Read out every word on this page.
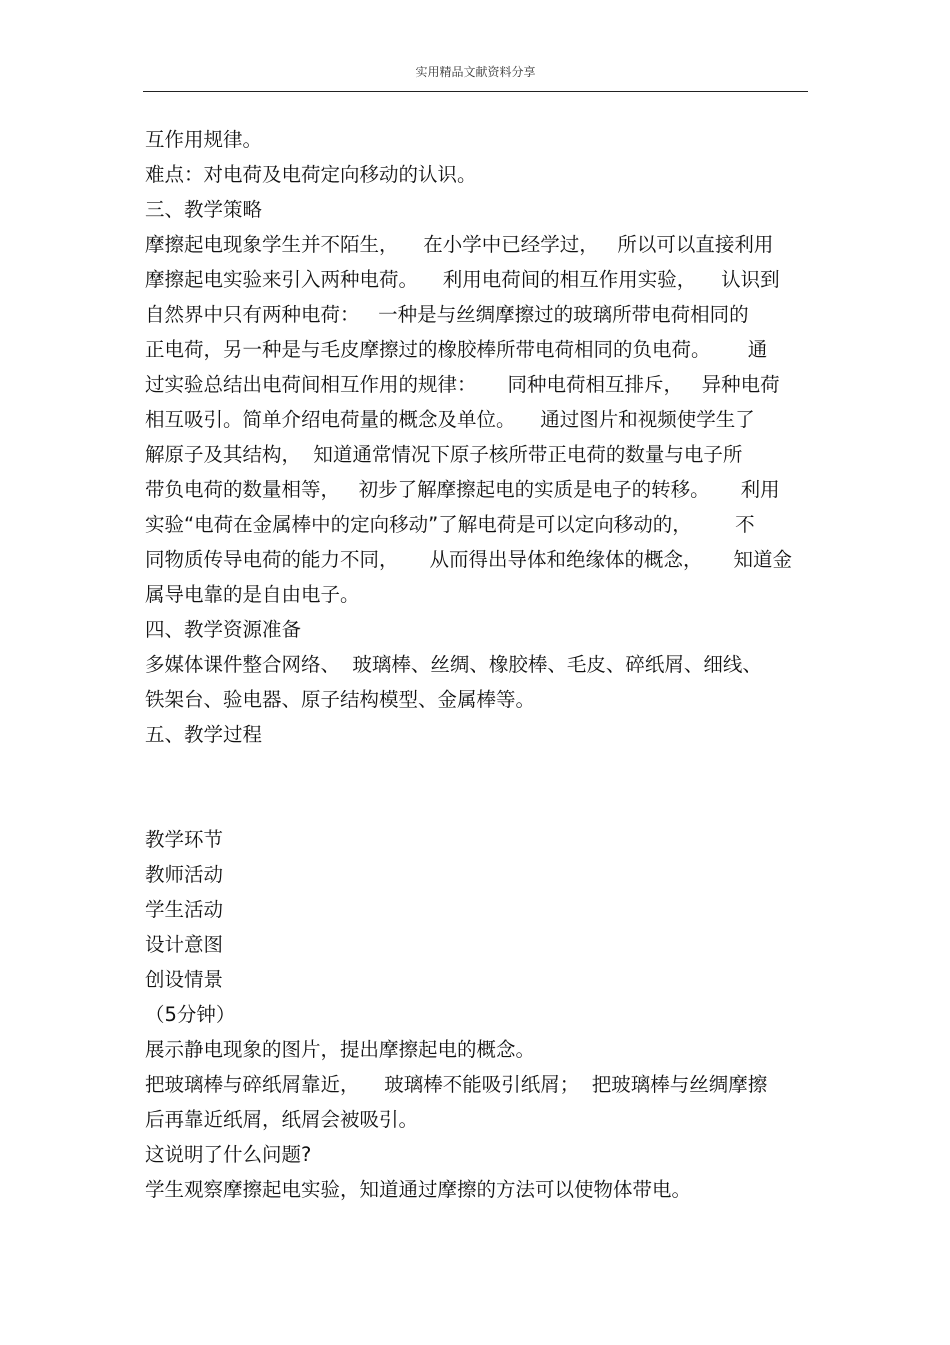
实用精品文献资料分享
互作用规律。
难点：对电荷及电荷定向移动的认识。
三、教学策略
摩擦起电现象学生并不陌生，    在小学中已经学过，   所以可以直接利用
摩擦起电实验来引入两种电荷。    利用电荷间的相互作用实验，    认识到
自然界中只有两种电荷：   一种是与丝绸摩擦过的玻璃所带电荷相同的
正电荷，另一种是与毛皮摩擦过的橡胶棒所带电荷相同的负电荷。      通
过实验总结出电荷间相互作用的规律：     同种电荷相互排斥，   异种电荷
相互吸引。简单介绍电荷量的概念及单位。    通过图片和视频使学生了
解原子及其结构，  知道通常情况下原子核所带正电荷的数量与电子所
带负电荷的数量相等，   初步了解摩擦起电的实质是电子的转移。     利用
实验“电荷在金属棒中的定向移动”了解电荷是可以定向移动的，       不
同物质传导电荷的能力不同，     从而得出导体和绝缘体的概念，     知道金
属导电靠的是自由电子。
四、教学资源准备
多媒体课件整合网络、  玻璃棒、丝绸、橡胶棒、毛皮、碎纸屑、细线、
铁架台、验电器、原子结构模型、金属棒等。
五、教学过程
教学环节
教师活动
学生活动
设计意图
创设情景
（5分钟）
展示静电现象的图片，提出摩擦起电的概念。
把玻璃棒与碎纸屑靠近，    玻璃棒不能吸引纸屑；  把玻璃棒与丝绸摩擦
后再靠近纸屑，纸屑会被吸引。
这说明了什么问题?
学生观察摩擦起电实验，知道通过摩擦的方法可以使物体带电。
